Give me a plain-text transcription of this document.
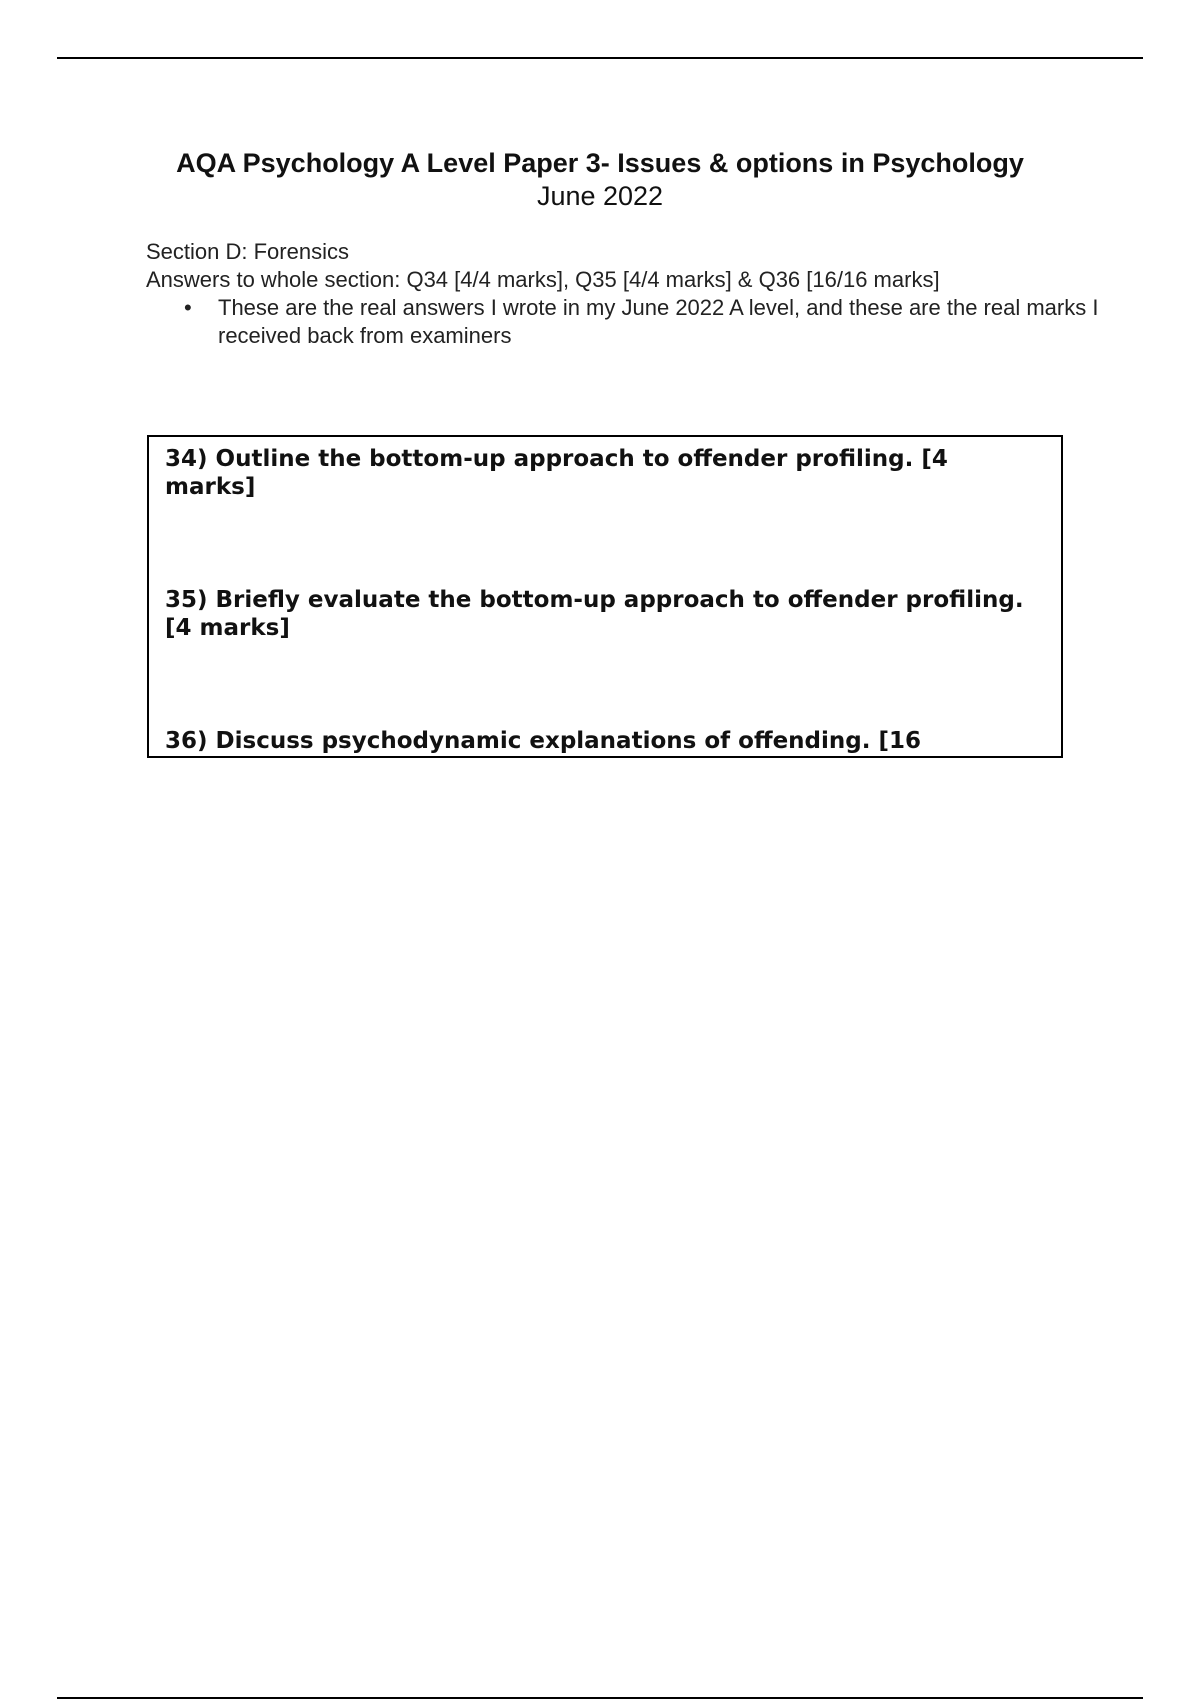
AQA Psychology A Level Paper 3- Issues & options in Psychology
June 2022

Section D: Forensics

Answers to whole section: Q34 [4/4 marks], Q35 [4/4 marks] & Q36 [16/16 marks]

• These are the real answers I wrote in my June 2022 A level, and these are the real marks I received back from examiners
34) Outline the bottom-up approach to offender profiling. [4 marks]
35) Briefly evaluate the bottom-up approach to offender profiling. [4 marks]
36) Discuss psychodynamic explanations of offending. [16
